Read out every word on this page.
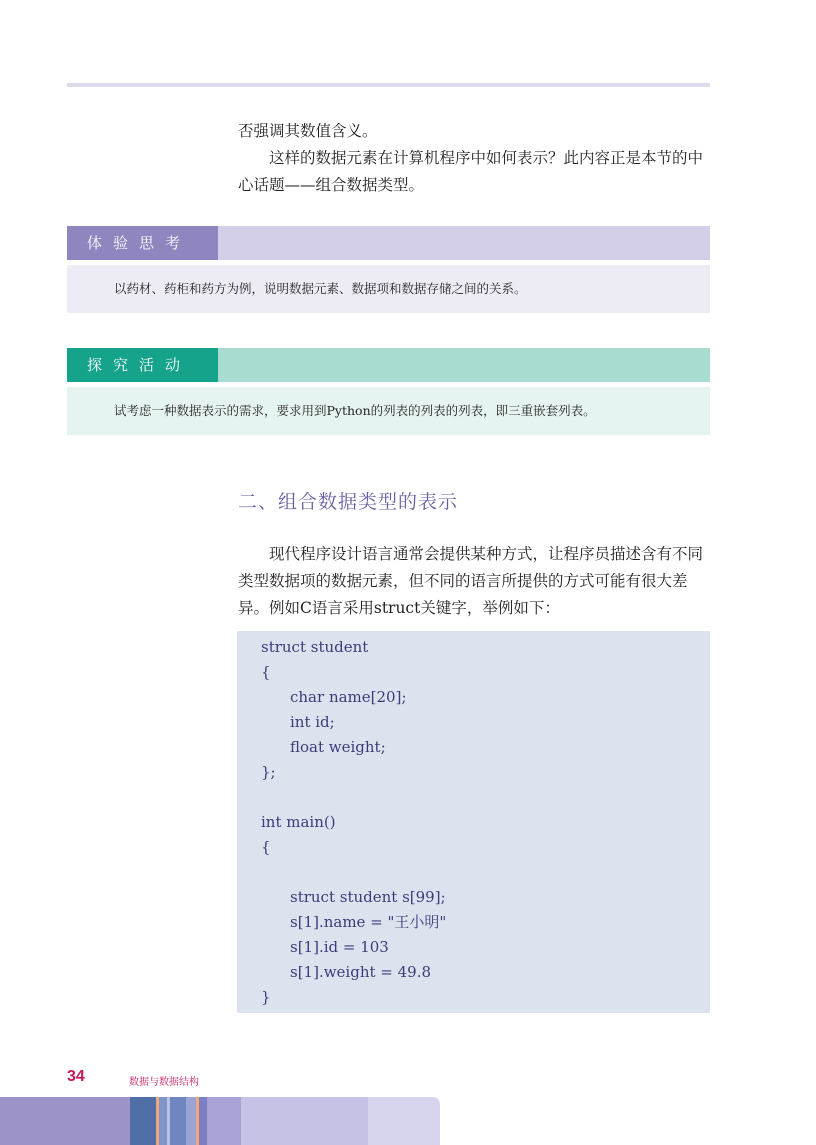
否强调其数值含义。

这样的数据元素在计算机程序中如何表示？此内容正是本节的中心话题——组合数据类型。

体验思考
以药材、药柜和药方为例，说明数据元素、数据项和数据存储之间的关系。
探究活动
试考虑一种数据表示的需求，要求用到Python的列表的列表的列表，即三重嵌套列表。
二、组合数据类型的表示

现代程序设计语言通常会提供某种方式，让程序员描述含有不同类型数据项的数据元素，但不同的语言所提供的方式可能有很大差异。例如C语言采用struct关键字，举例如下：

struct student
{
char name[20];
int id;
float weight;
};
int main()
{
struct student s[99];
s[1].name = "王小明"
s[1].id = 103
s[1].weight = 49.8
}
34	数据与数据结构
